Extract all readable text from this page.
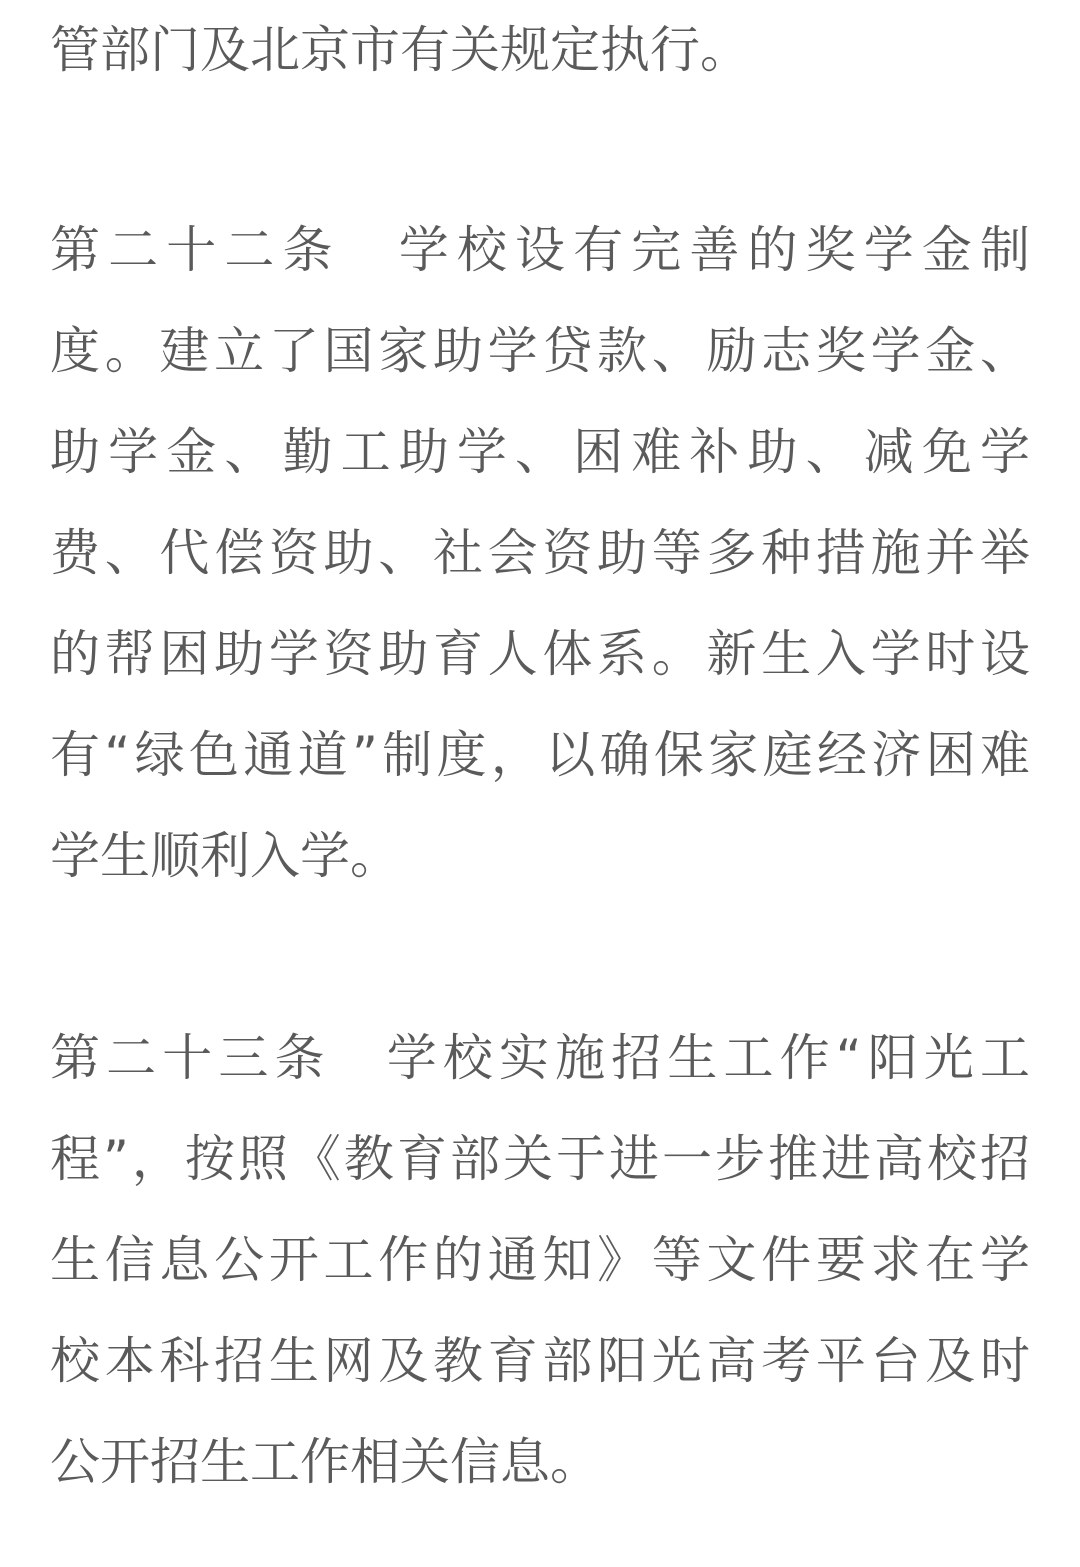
管部门及北京市有关规定执行。
第二十二条　学校设有完善的奖学金制
度。建立了国家助学贷款、励志奖学金、
助学金、勤工助学、困难补助、减免学
费、代偿资助、社会资助等多种措施并举
的帮困助学资助育人体系。新生入学时设
有“绿色通道”制度，以确保家庭经济困难
学生顺利入学。
第二十三条　学校实施招生工作“阳光工
程”，按照《教育部关于进一步推进高校招
生信息公开工作的通知》等文件要求在学
校本科招生网及教育部阳光高考平台及时
公开招生工作相关信息。
